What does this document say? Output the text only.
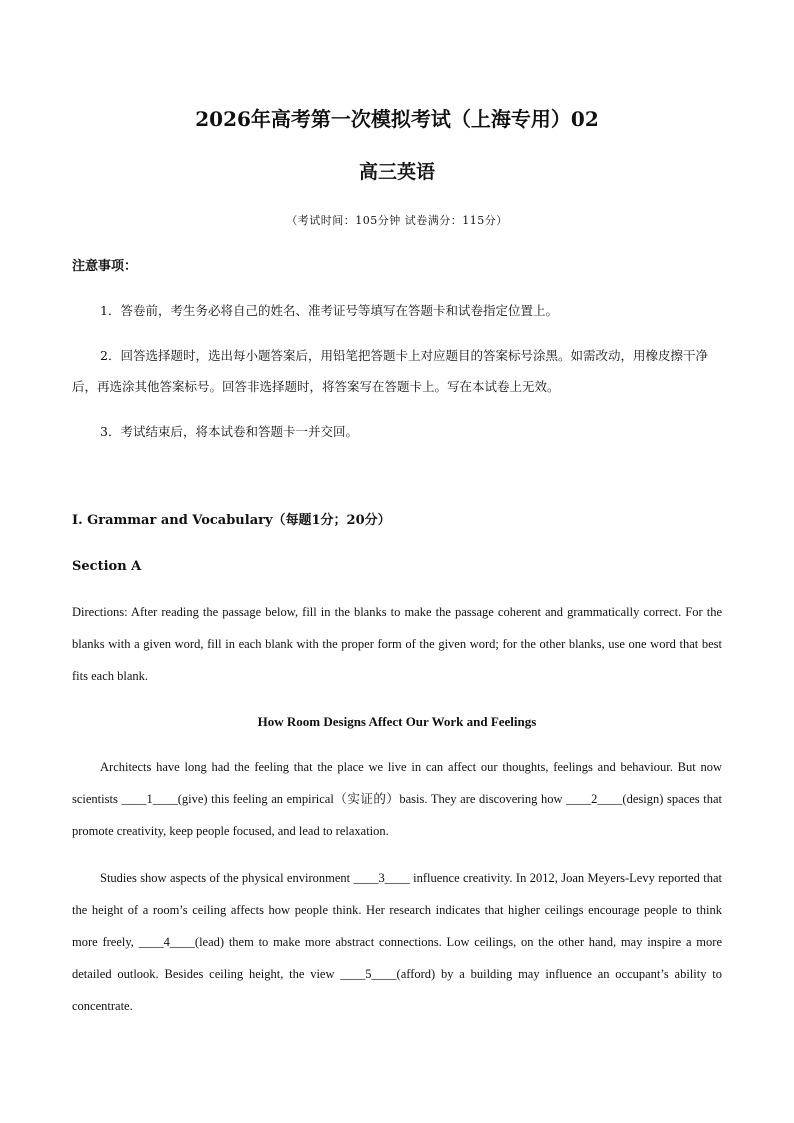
2026年高考第一次模拟考试（上海专用）02
高三英语
（考试时间：105分钟 试卷满分：115分）
注意事项：

1．答卷前，考生务必将自己的姓名、准考证号等填写在答题卡和试卷指定位置上。

2．回答选择题时，选出每小题答案后，用铅笔把答题卡上对应题目的答案标号涂黑。如需改动，用橡皮擦干净后，再选涂其他答案标号。回答非选择题时，将答案写在答题卡上。写在本试卷上无效。

3．考试结束后，将本试卷和答题卡一并交回。

I. Grammar and Vocabulary（每题1分；20分）
Section A

Directions: After reading the passage below, fill in the blanks to make the passage coherent and grammatically correct. For the blanks with a given word, fill in each blank with the proper form of the given word; for the other blanks, use one word that best fits each blank.

How Room Designs Affect Our Work and Feelings

Architects have long had the feeling that the place we live in can affect our thoughts, feelings and behaviour. But now scientists ____1____(give) this feeling an empirical（实证的）basis. They are discovering how ____2____(design) spaces that promote creativity, keep people focused, and lead to relaxation.

Studies show aspects of the physical environment ____3____ influence creativity. In 2012, Joan Meyers-Levy reported that the height of a room’s ceiling affects how people think. Her research indicates that higher ceilings encourage people to think more freely, ____4____(lead) them to make more abstract connections. Low ceilings, on the other hand, may inspire a more detailed outlook. Besides ceiling height, the view ____5____(afford) by a building may influence an occupant’s ability to concentrate.
